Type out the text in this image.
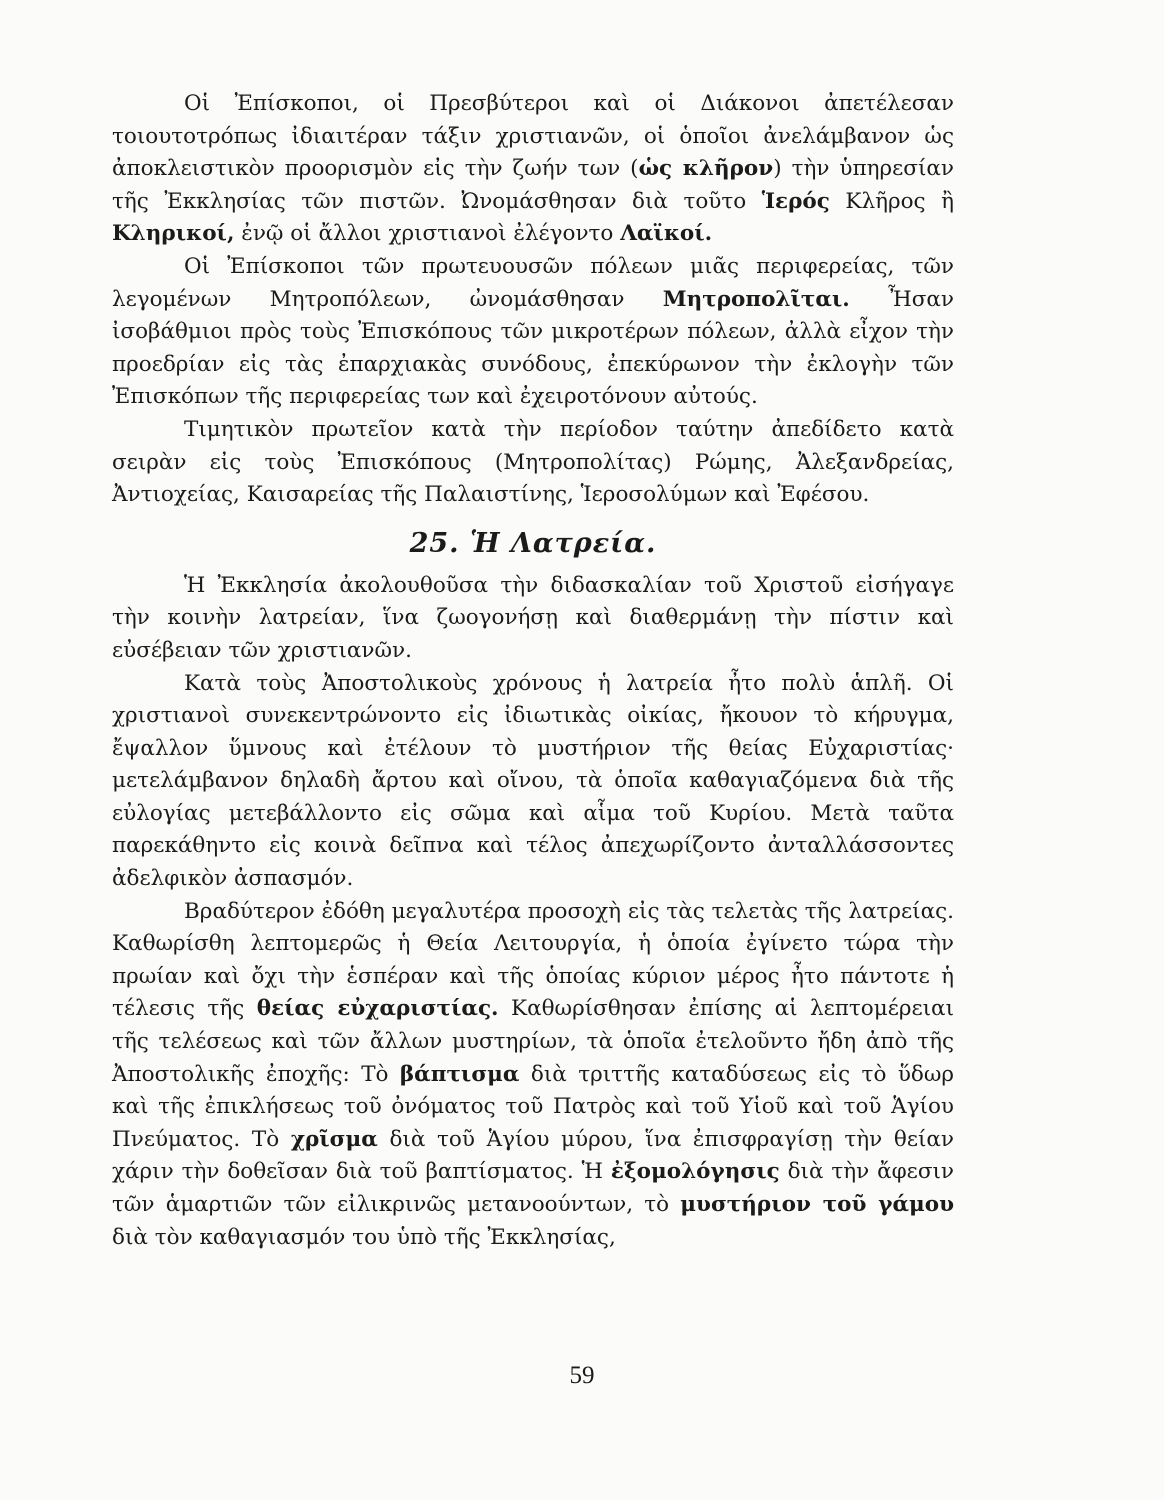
Οἱ Ἐπίσκοποι, οἱ Πρεσβύτεροι καὶ οἱ Διάκονοι ἀπετέλεσαν τοιουτοτρόπως ἰδιαιτέραν τάξιν χριστιανῶν, οἱ ὁποῖοι ἀνελάμβανον ὡς ἀποκλειστικὸν προορισμὸν εἰς τὴν ζωήν των (ὡς κλῆρον) τὴν ὑπηρεσίαν τῆς Ἐκκλησίας τῶν πιστῶν. Ὠνομάσθησαν διὰ τοῦτο Ἱερός Κλῆρος ἢ Κληρικοί, ἐνῷ οἱ ἄλλοι χριστιανοὶ ἐλέγοντο Λαϊκοί.

Οἱ Ἐπίσκοποι τῶν πρωτευουσῶν πόλεων μιᾶς περιφερείας, τῶν λεγομένων Μητροπόλεων, ὠνομάσθησαν Μητροπολῖται. Ἦσαν ἰσοβάθμιοι πρὸς τοὺς Ἐπισκόπους τῶν μικροτέρων πόλεων, ἀλλὰ εἶχον τὴν προεδρίαν εἰς τὰς ἐπαρχιακὰς συνόδους, ἐπεκύρωνον τὴν ἐκλογὴν τῶν Ἐπισκόπων τῆς περιφερείας των καὶ ἐχειροτόνουν αὐτούς.

Τιμητικὸν πρωτεῖον κατὰ τὴν περίοδον ταύτην ἀπεδίδετο κατὰ σειρὰν εἰς τοὺς Ἐπισκόπους (Μητροπολίτας) Ρώμης, Ἀλεξανδρείας, Ἀντιοχείας, Καισαρείας τῆς Παλαιστίνης, Ἱεροσολύμων καὶ Ἐφέσου.

25. Ἡ Λατρεία.

Ἡ Ἐκκλησία ἀκολουθοῦσα τὴν διδασκαλίαν τοῦ Χριστοῦ εἰσήγαγε τὴν κοινὴν λατρείαν, ἵνα ζωογονήσῃ καὶ διαθερμάνῃ τὴν πίστιν καὶ εὐσέβειαν τῶν χριστιανῶν.

Κατὰ τοὺς Ἀποστολικοὺς χρόνους ἡ λατρεία ἦτο πολὺ ἁπλῆ. Οἱ χριστιανοὶ συνεκεντρώνοντο εἰς ἰδιωτικὰς οἰκίας, ἤκουον τὸ κήρυγμα, ἔψαλλον ὕμνους καὶ ἐτέλουν τὸ μυστήριον τῆς θείας Εὐχαριστίας· μετελάμβανον δηλαδὴ ἄρτου καὶ οἴνου, τὰ ὁποῖα καθαγιαζόμενα διὰ τῆς εὐλογίας μετεβάλλοντο εἰς σῶμα καὶ αἷμα τοῦ Κυρίου. Μετὰ ταῦτα παρεκάθηντο εἰς κοινὰ δεῖπνα καὶ τέλος ἀπεχωρίζοντο ἀνταλλάσσοντες ἀδελφικὸν ἀσπασμόν.

Βραδύτερον ἐδόθη μεγαλυτέρα προσοχὴ εἰς τὰς τελετὰς τῆς λατρείας. Καθωρίσθη λεπτομερῶς ἡ Θεία Λειτουργία, ἡ ὁποία ἐγίνετο τώρα τὴν πρωίαν καὶ ὄχι τὴν ἑσπέραν καὶ τῆς ὁποίας κύριον μέρος ἦτο πάντοτε ἡ τέλεσις τῆς θείας εὐχαριστίας. Καθωρίσθησαν ἐπίσης αἱ λεπτομέρειαι τῆς τελέσεως καὶ τῶν ἄλλων μυστηρίων, τὰ ὁποῖα ἐτελοῦντο ἤδη ἀπὸ τῆς Ἀποστολικῆς ἐποχῆς: Τὸ βάπτισμα διὰ τριττῆς καταδύσεως εἰς τὸ ὕδωρ καὶ τῆς ἐπικλήσεως τοῦ ὀνόματος τοῦ Πατρὸς καὶ τοῦ Υἱοῦ καὶ τοῦ Ἁγίου Πνεύματος. Τὸ χρῖσμα διὰ τοῦ Ἁγίου μύρου, ἵνα ἐπισφραγίσῃ τὴν θείαν χάριν τὴν δοθεῖσαν διὰ τοῦ βαπτίσματος. Ἡ ἐξομολόγησις διὰ τὴν ἄφεσιν τῶν ἁμαρτιῶν τῶν εἰλικρινῶς μετανοούντων, τὸ μυστήριον τοῦ γάμου διὰ τὸν καθαγιασμόν του ὑπὸ τῆς Ἐκκλησίας,

59
